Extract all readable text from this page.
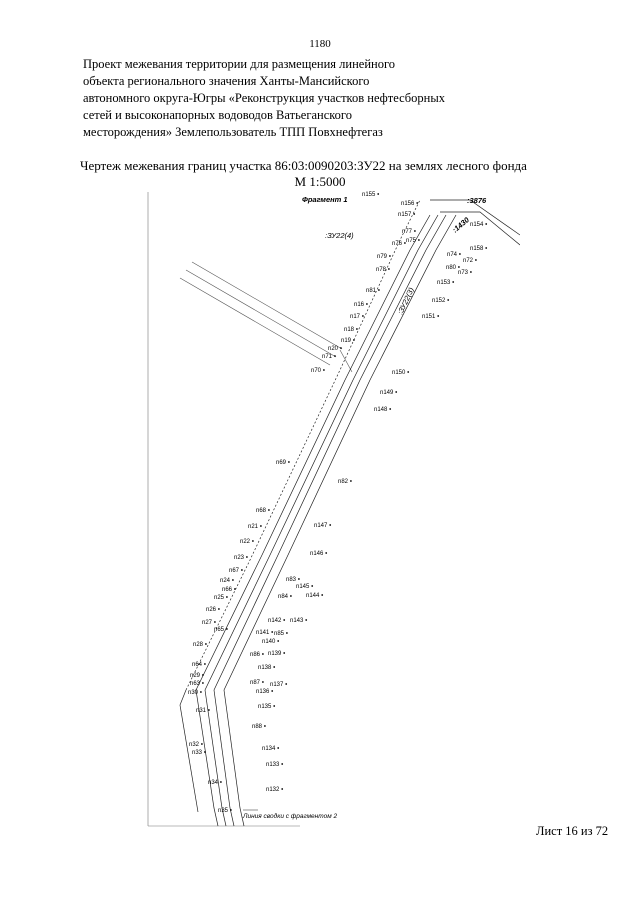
1180
Проект межевания территории для размещения линейного
объекта регионального значения Ханты-Мансийского
автономного округа-Югры «Реконструкция участков нефтесборных
сетей и высоконапорных водоводов Ватьеганского
месторождения» Землепользователь ТПП Повхнефтегаз
Чертеж межевания границ участка 86:03:0090203:ЗУ22 на землях лесного фонда
М 1:5000
Фрагмент 1
Линия сводки с фрагментом 2
:ЗУ22(4)
:ЗУ22(3)
:3876
:1430
n155
n156
n157
n77
n75
n76
n79
n78
n154
n72
n74
n158
n80
n73
n153
n81
n152
n16
n151
n17
n18
n19
n20
n71
n150
n70
n149
n148
n69
n82
n68
n21	n147
n22
n146
n23
n67
n83
n24
n145
n66
n84	n144
n25
n26
n142 n143
n27
n141 n85
n65
n140
n28
n86 n139
n64	n138
n29
n87 n137
n63
n30	n136
n135
n31
n88
n32
n134
n33
n133
n34
n132
n35
Лист 16 из 72
